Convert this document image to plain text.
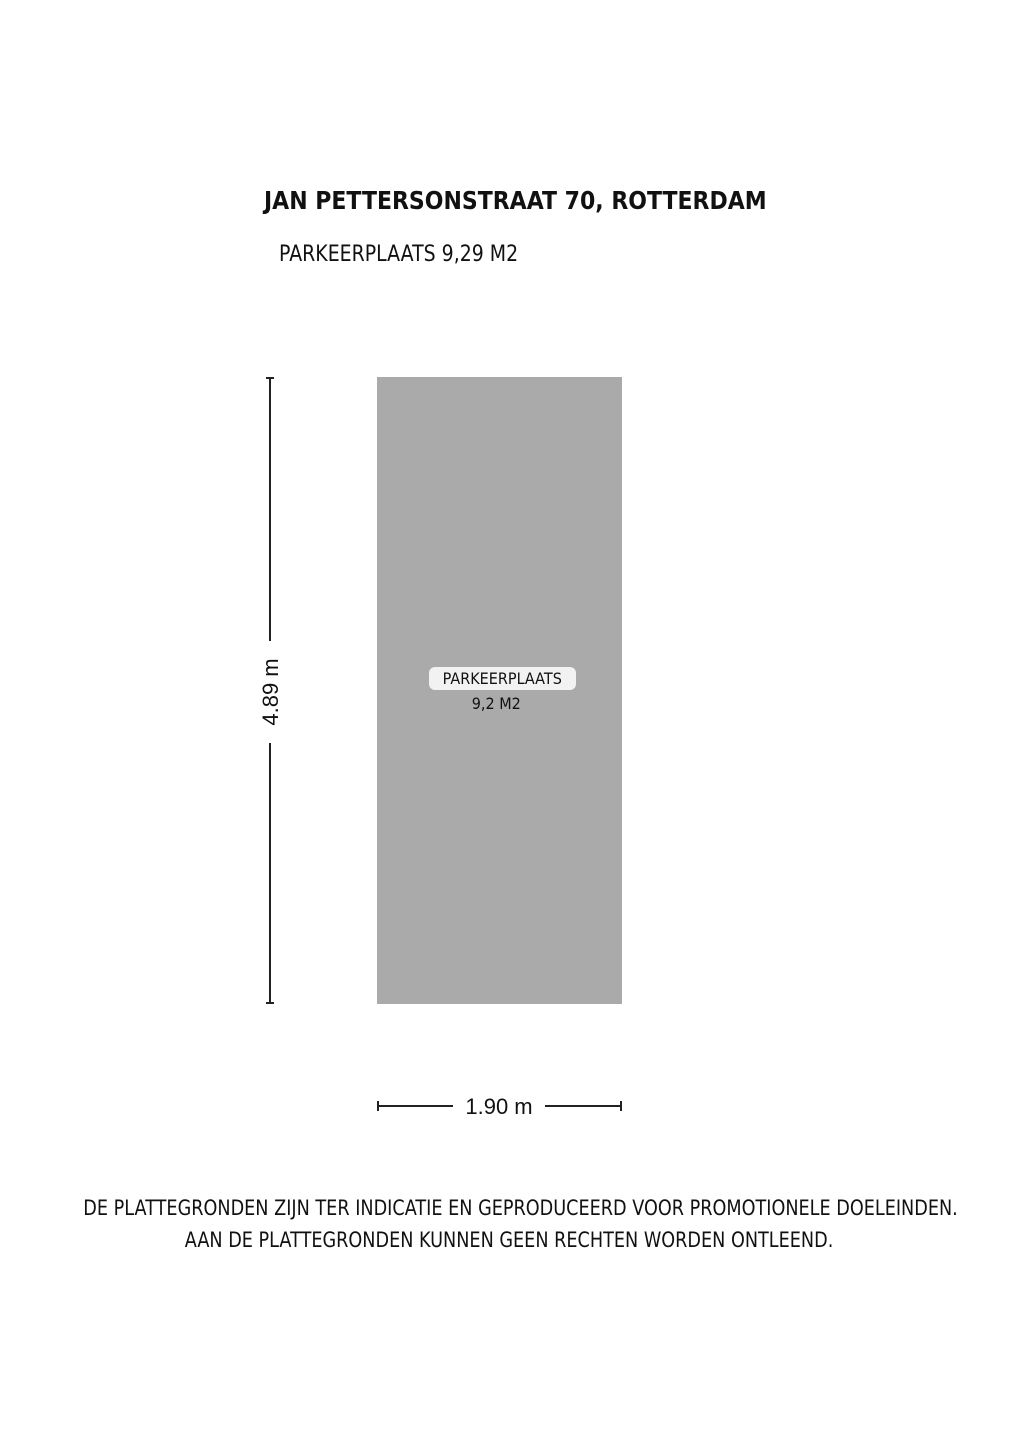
JAN PETTERSONSTRAAT 70, ROTTERDAM
PARKEERPLAATS 9,29 M2
4.89 m	PARKEERPLAATS
9,2 M2
1.90 m
DE PLATTEGRONDEN ZIJN TER INDICATIE EN GEPRODUCEERD VOOR PROMOTIONELE DOELEINDEN.
AAN DE PLATTEGRONDEN KUNNEN GEEN RECHTEN WORDEN ONTLEEND.
